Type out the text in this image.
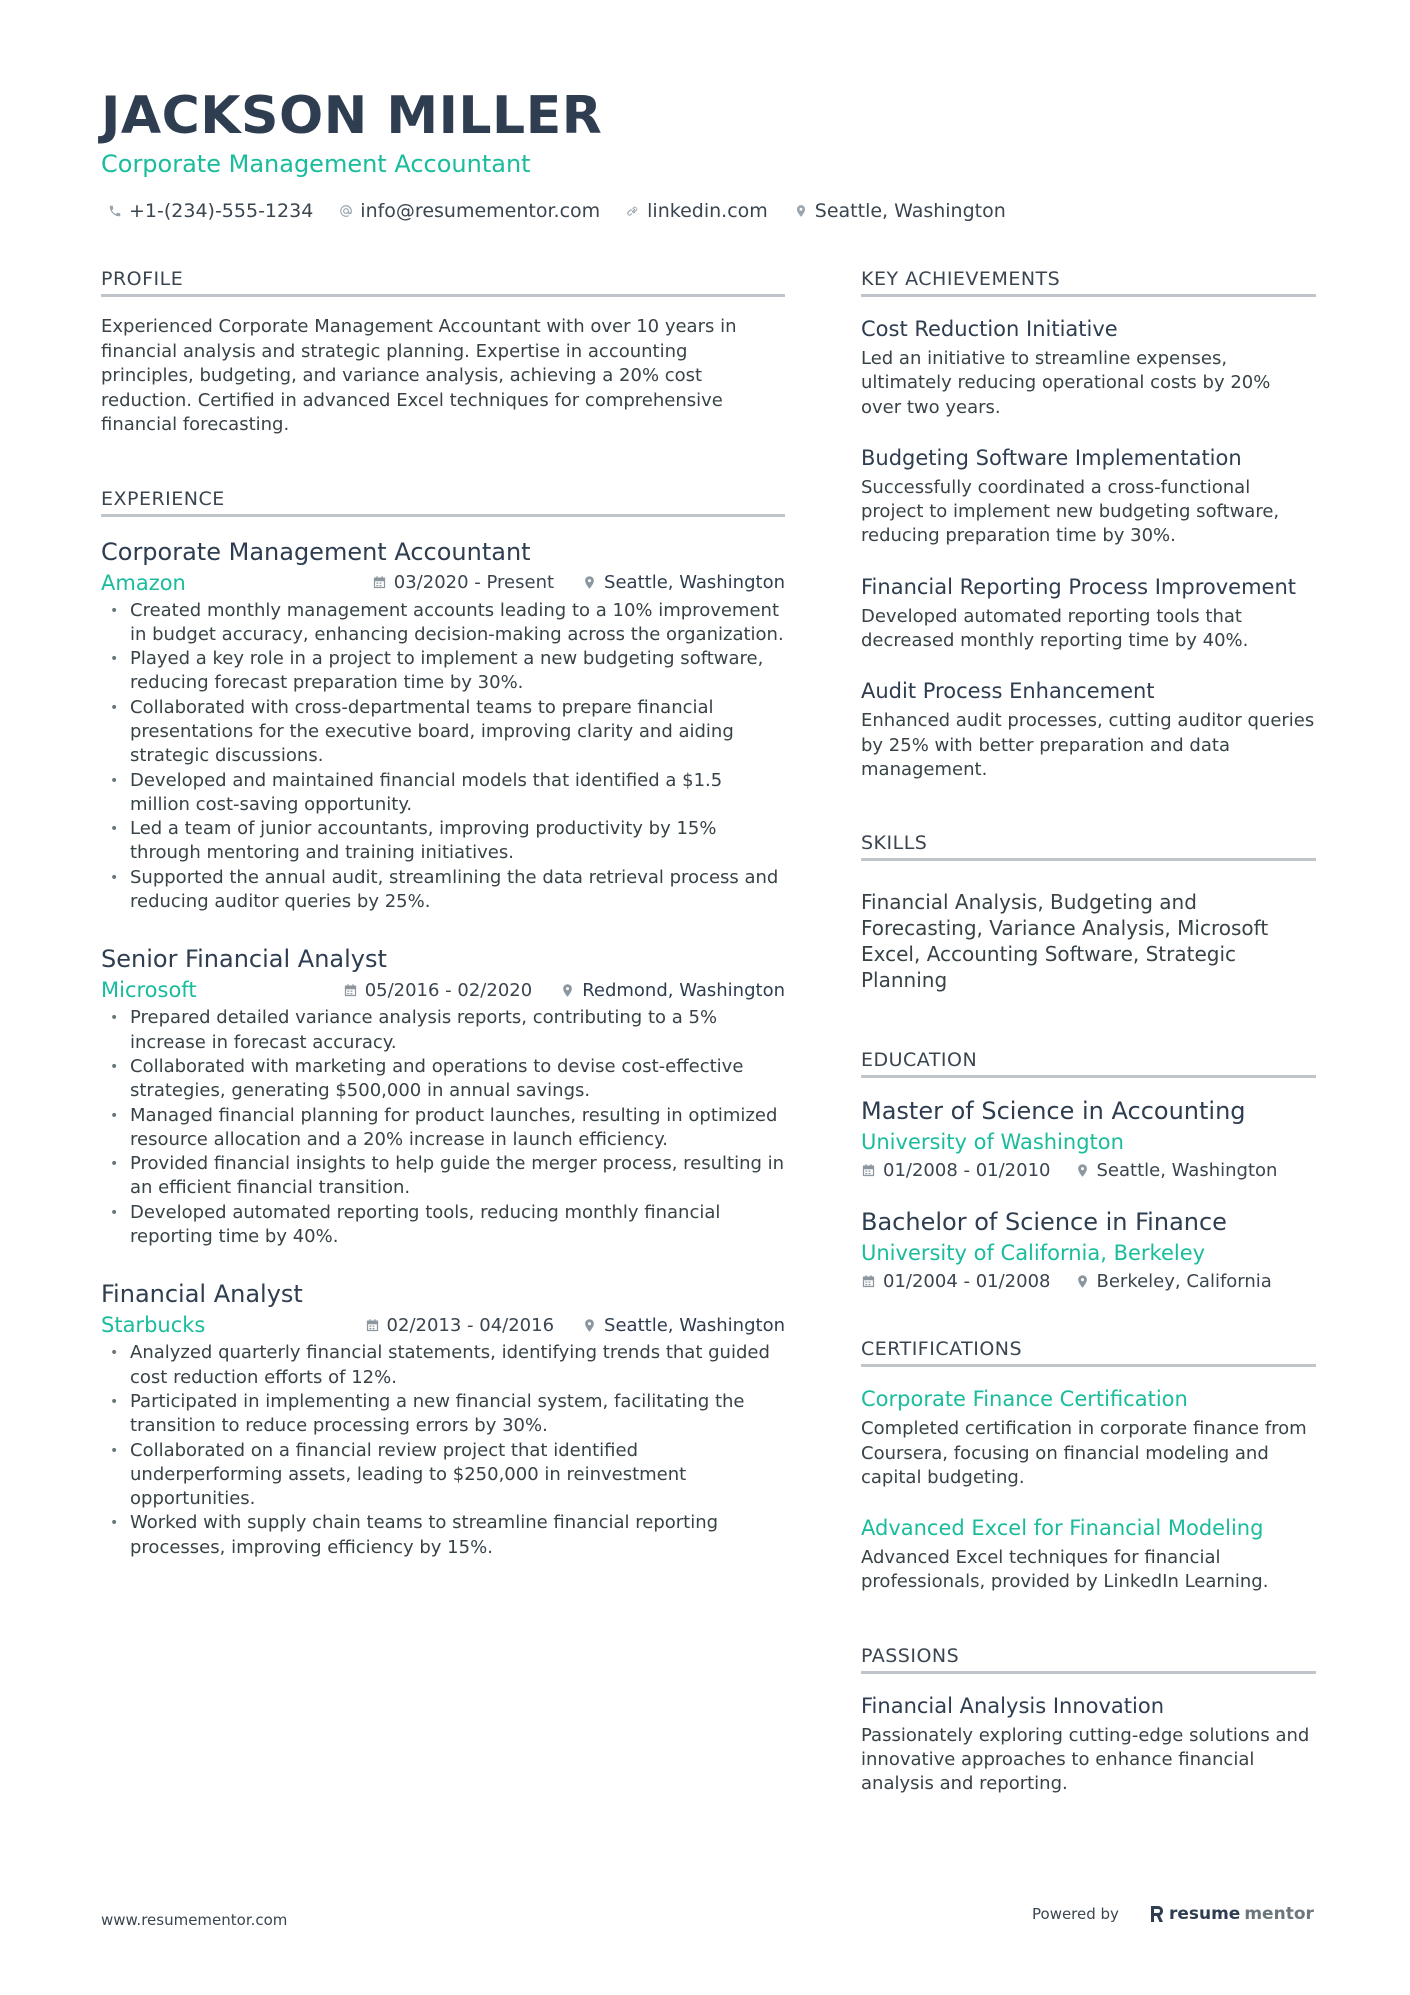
JACKSON MILLER
Corporate Management Accountant
+1-(234)-555-1234 info@resumementor.com linkedin.com Seattle, Washington
PROFILE
Experienced Corporate Management Accountant with over 10 years in financial analysis and strategic planning. Expertise in accounting principles, budgeting, and variance analysis, achieving a 20% cost reduction. Certified in advanced Excel techniques for comprehensive financial forecasting.
EXPERIENCE
Corporate Management Accountant
Amazon	03/2020 - Present	Seattle, Washington
• Created monthly management accounts leading to a 10% improvement in budget accuracy, enhancing decision-making across the organization.
• Played a key role in a project to implement a new budgeting software, reducing forecast preparation time by 30%.
• Collaborated with cross-departmental teams to prepare financial presentations for the executive board, improving clarity and aiding strategic discussions.
• Developed and maintained financial models that identified a $1.5 million cost-saving opportunity.
• Led a team of junior accountants, improving productivity by 15% through mentoring and training initiatives.
• Supported the annual audit, streamlining the data retrieval process and reducing auditor queries by 25%.
Senior Financial Analyst
Microsoft	05/2016 - 02/2020	Redmond, Washington
• Prepared detailed variance analysis reports, contributing to a 5% increase in forecast accuracy.
• Collaborated with marketing and operations to devise cost-effective strategies, generating $500,000 in annual savings.
• Managed financial planning for product launches, resulting in optimized resource allocation and a 20% increase in launch efficiency.
• Provided financial insights to help guide the merger process, resulting in an efficient financial transition.
• Developed automated reporting tools, reducing monthly financial reporting time by 40%.
Financial Analyst
Starbucks	02/2013 - 04/2016	Seattle, Washington
• Analyzed quarterly financial statements, identifying trends that guided cost reduction efforts of 12%.
• Participated in implementing a new financial system, facilitating the transition to reduce processing errors by 30%.
• Collaborated on a financial review project that identified underperforming assets, leading to $250,000 in reinvestment opportunities.
• Worked with supply chain teams to streamline financial reporting processes, improving efficiency by 15%.
KEY ACHIEVEMENTS
Cost Reduction Initiative
Led an initiative to streamline expenses, ultimately reducing operational costs by 20% over two years.
Budgeting Software Implementation
Successfully coordinated a cross-functional project to implement new budgeting software, reducing preparation time by 30%.
Financial Reporting Process Improvement
Developed automated reporting tools that decreased monthly reporting time by 40%.
Audit Process Enhancement
Enhanced audit processes, cutting auditor queries by 25% with better preparation and data management.
SKILLS
Financial Analysis, Budgeting and Forecasting, Variance Analysis, Microsoft Excel, Accounting Software, Strategic Planning
EDUCATION
Master of Science in Accounting
University of Washington
01/2008 - 01/2010	Seattle, Washington
Bachelor of Science in Finance
University of California, Berkeley
01/2004 - 01/2008	Berkeley, California
CERTIFICATIONS
Corporate Finance Certification
Completed certification in corporate finance from Coursera, focusing on financial modeling and capital budgeting.
Advanced Excel for Financial Modeling
Advanced Excel techniques for financial professionals, provided by LinkedIn Learning.
PASSIONS
Financial Analysis Innovation
Passionately exploring cutting-edge solutions and innovative approaches to enhance financial analysis and reporting.
www.resumementor.com	Powered by	resume mentor
